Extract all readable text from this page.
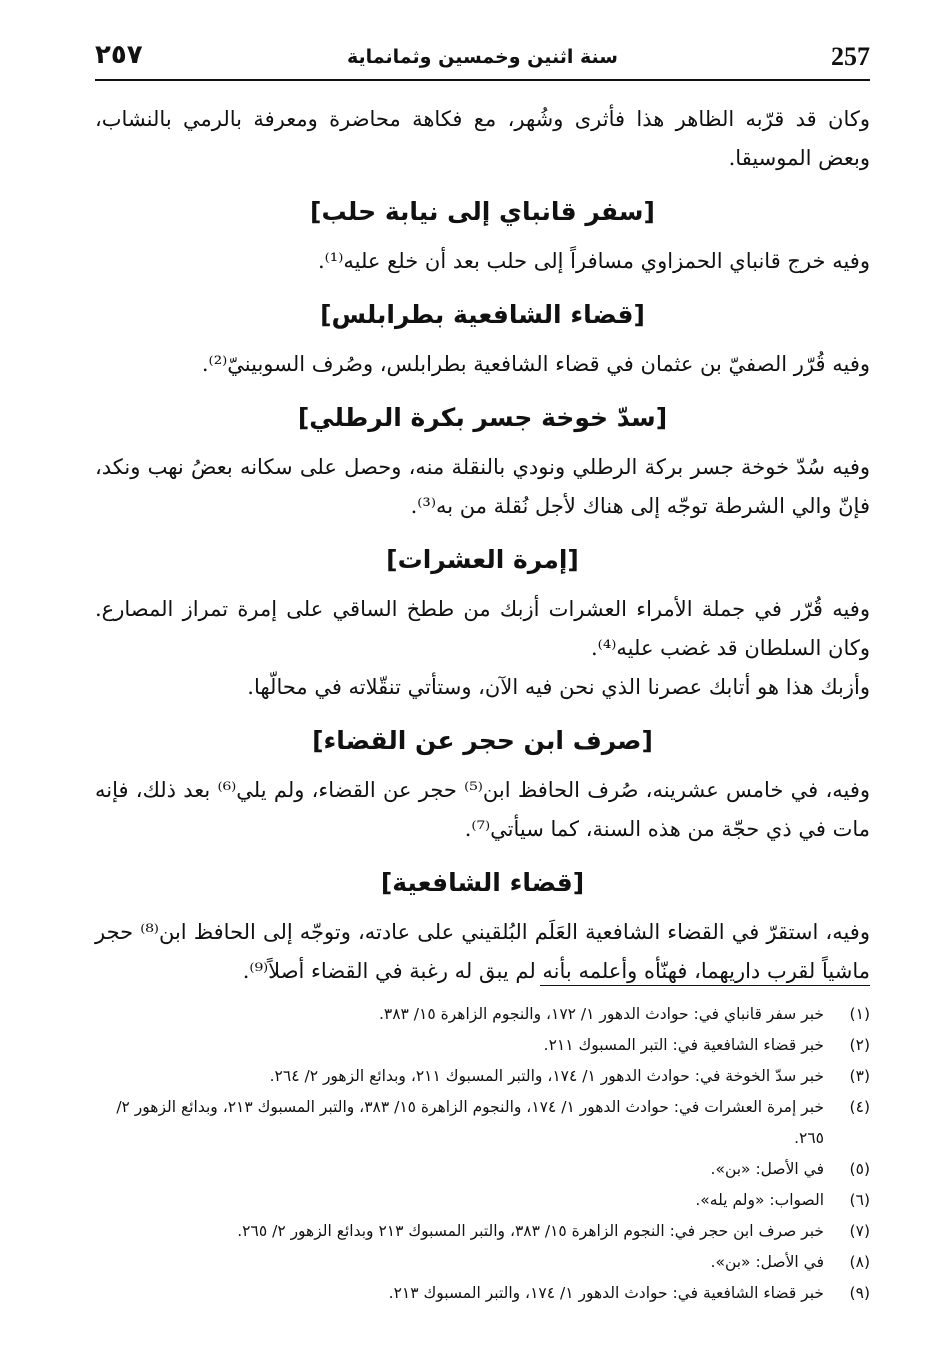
٢٥٧	سنة اثنين وخمسين وثمانماية	257

وكان قد قرّبه الظاهر هذا فأثرى وشُهر، مع فكاهة محاضرة ومعرفة بالرمي بالنشاب، وبعض الموسيقا.

[سفر قانباي إلى نيابة حلب]

وفيه خرج قانباي الحمزاوي مسافراً إلى حلب بعد أن خلع عليه⁽¹⁾.

[قضاء الشافعية بطرابلس]

وفيه قُرّر الصفيّ بن عثمان في قضاء الشافعية بطرابلس، وصُرف السوبينيّ⁽²⁾.

[سدّ خوخة جسر بكرة الرطلي]

وفيه سُدّ خوخة جسر بركة الرطلي ونودي بالنقلة منه، وحصل على سكانه بعضُ نهب ونكد، فإنّ والي الشرطة توجّه إلى هناك لأجل نُقلة من به⁽³⁾.

[إمرة العشرات]

وفيه قُرّر في جملة الأمراء العشرات أزبك من ططخ الساقي على إمرة تمراز المصارع. وكان السلطان قد غضب عليه⁽⁴⁾.

وأزبك هذا هو أتابك عصرنا الذي نحن فيه الآن، وستأتي تنقّلاته في محالّها.

[صرف ابن حجر عن القضاء]

وفيه، في خامس عشرينه، صُرف الحافظ ابن⁽⁵⁾ حجر عن القضاء، ولم يلي⁽⁶⁾ بعد ذلك، فإنه مات في ذي حجّة من هذه السنة، كما سيأتي⁽⁷⁾.

[قضاء الشافعية]

وفيه، استقرّ في القضاء الشافعية العَلَم البُلقيني على عادته، وتوجّه إلى الحافظ ابن⁽⁸⁾ حجر ماشياً لقرب داريهما، فهنّأه وأعلمه بأنه لم يبق له رغبة في القضاء أصلاً⁽⁹⁾.

(١)
خبر سفر قانباي في: حوادث الدهور ١/ ١٧٢، والنجوم الزاهرة ١٥/ ٣٨٣.
(٢)
خبر قضاء الشافعية في: التبر المسبوك ٢١١.
(٣)
خبر سدّ الخوخة في: حوادث الدهور ١/ ١٧٤، والتبر المسبوك ٢١١، وبدائع الزهور ٢/ ٢٦٤.
(٤)
خبر إمرة العشرات في: حوادث الدهور ١/ ١٧٤، والنجوم الزاهرة ١٥/ ٣٨٣، والتبر المسبوك ٢١٣، وبدائع الزهور ٢/ ٢٦٥.
(٥)
في الأصل: «بن».
(٦)
الصواب: «ولم يله».
(٧)
خبر صرف ابن حجر في: النجوم الزاهرة ١٥/ ٣٨٣، والتبر المسبوك ٢١٣ وبدائع الزهور ٢/ ٢٦٥.
(٨)
في الأصل: «بن».
(٩)
خبر قضاء الشافعية في: حوادث الدهور ١/ ١٧٤، والتبر المسبوك ٢١٣.
